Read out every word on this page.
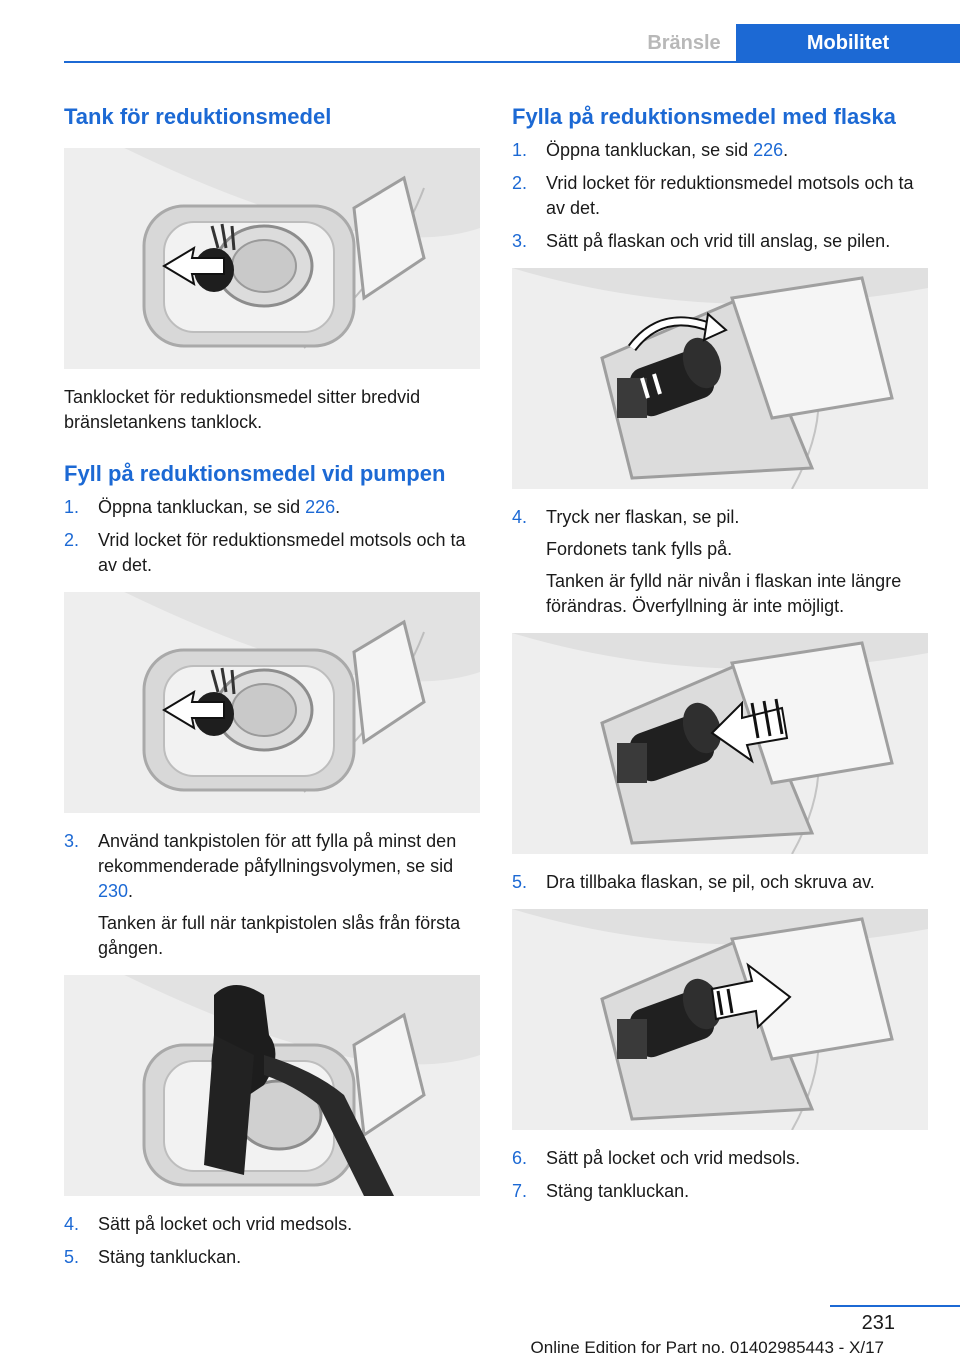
Bränsle	Mobilitet
Tank för reduktionsmedel

Tanklocket för reduktionsmedel sitter bredvid bränsletankens tanklock.

Fyll på reduktionsmedel vid pumpen
1. Öppna tankluckan, se sid 226.
2. Vrid locket för reduktionsmedel motsols och ta av det.
3. Använd tankpistolen för att fylla på minst den rekommenderade påfyllningsvolymen, se sid 230.
Tanken är full när tankpistolen slås från första gången.
4. Sätt på locket och vrid medsols.
5. Stäng tankluckan.
Fylla på reduktionsmedel med flaska
1. Öppna tankluckan, se sid 226.
2. Vrid locket för reduktionsmedel motsols och ta av det.
3. Sätt på flaskan och vrid till anslag, se pilen.
4. Tryck ner flaskan, se pil.
Fordonets tank fylls på.
Tanken är fylld när nivån i flaskan inte längre förändras. Överfyllning är inte möjligt.
5. Dra tillbaka flaskan, se pil, och skruva av.
6. Sätt på locket och vrid medsols.
7. Stäng tankluckan.
231
Online Edition for Part no. 01402985443 - X/17
